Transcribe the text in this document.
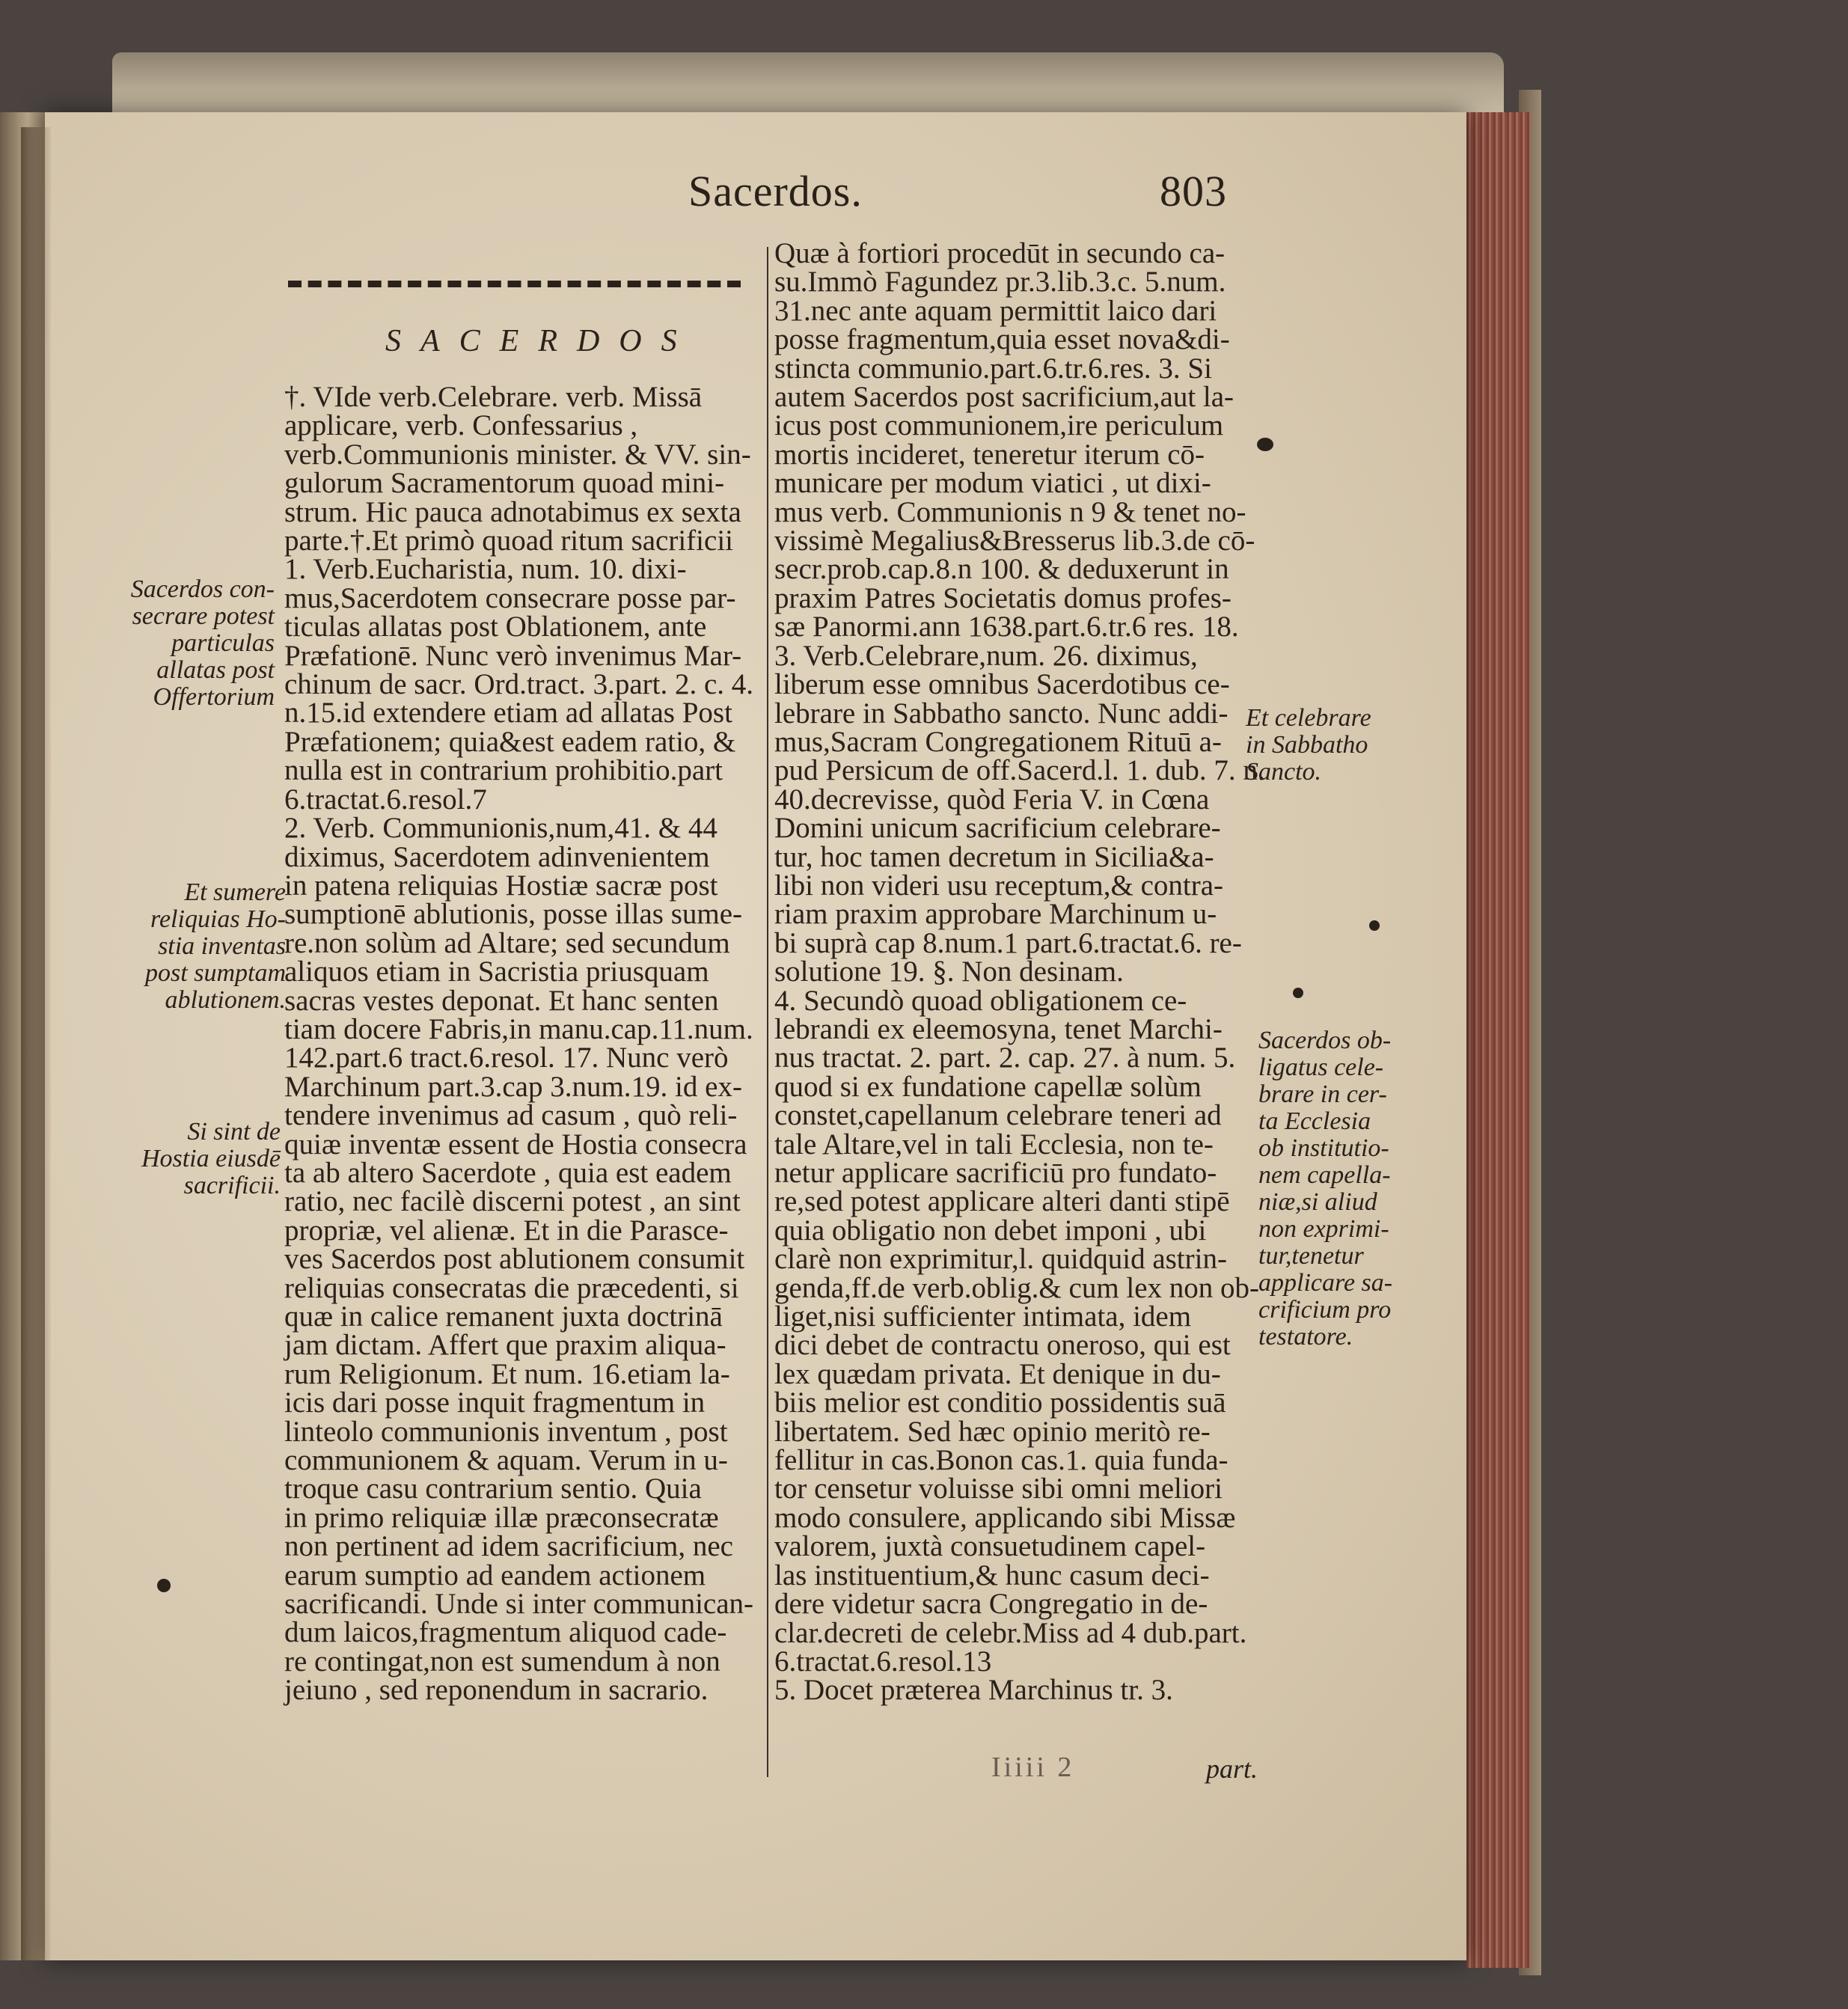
Sacerdos.	803
SACERDOS
†. VIde verb.Celebrare. verb. Missā
applicare, verb. Confessarius ,
verb.Communionis minister. & VV. sin-
gulorum Sacramentorum quoad mini-
strum. Hic pauca adnotabimus ex sexta
parte.†.Et primò quoad ritum sacrificii
1. Verb.Eucharistia, num. 10. dixi-
mus,Sacerdotem consecrare posse par-
ticulas allatas post Oblationem, ante
Præfationē. Nunc verò invenimus Mar-
chinum de sacr. Ord.tract. 3.part. 2. c. 4.
n.15.id extendere etiam ad allatas Post
Præfationem; quia&est eadem ratio, &
nulla est in contrarium prohibitio.part
6.tractat.6.resol.7
2. Verb. Communionis,num,41. & 44
diximus, Sacerdotem adinvenientem
in patena reliquias Hostiæ sacræ post
sumptionē ablutionis, posse illas sume-
re.non solùm ad Altare; sed secundum
aliquos etiam in Sacristia priusquam
sacras vestes deponat. Et hanc senten
tiam docere Fabris,in manu.cap.11.num.
142.part.6 tract.6.resol. 17. Nunc verò
Marchinum part.3.cap 3.num.19. id ex-
tendere invenimus ad casum , quò reli-
quiæ inventæ essent de Hostia consecra
ta ab altero Sacerdote , quia est eadem
ratio, nec facilè discerni potest , an sint
propriæ, vel alienæ. Et in die Parasce-
ves Sacerdos post ablutionem consumit
reliquias consecratas die præcedenti, si
quæ in calice remanent juxta doctrinā
jam dictam. Affert que praxim aliqua-
rum Religionum. Et num. 16.etiam la-
icis dari posse inquit fragmentum in
linteolo communionis inventum , post
communionem & aquam. Verum in u-
troque casu contrarium sentio. Quia
in primo reliquiæ illæ præconsecratæ
non pertinent ad idem sacrificium, nec
earum sumptio ad eandem actionem
sacrificandi. Unde si inter communican-
dum laicos,fragmentum aliquod cade-
re contingat,non est sumendum à non
jeiuno , sed reponendum in sacrario.
Quæ à fortiori procedūt in secundo ca-
su.Immò Fagundez pr.3.lib.3.c. 5.num.
31.nec ante aquam permittit laico dari
posse fragmentum,quia esset nova&di-
stincta communio.part.6.tr.6.res. 3. Si
autem Sacerdos post sacrificium,aut la-
icus post communionem,ire periculum
mortis incideret, teneretur iterum cō-
municare per modum viatici , ut dixi-
mus verb. Communionis n 9 & tenet no-
vissimè Megalius&Bresserus lib.3.de cō-
secr.prob.cap.8.n 100. & deduxerunt in
praxim Patres Societatis domus profes-
sæ Panormi.ann 1638.part.6.tr.6 res. 18.
3. Verb.Celebrare,num. 26. diximus,
liberum esse omnibus Sacerdotibus ce-
lebrare in Sabbatho sancto. Nunc addi-
mus,Sacram Congregationem Rituū a-
pud Persicum de off.Sacerd.l. 1. dub. 7. n.
40.decrevisse, quòd Feria V. in Cœna
Domini unicum sacrificium celebrare-
tur, hoc tamen decretum in Sicilia&a-
libi non videri usu receptum,& contra-
riam praxim approbare Marchinum u-
bi suprà cap 8.num.1 part.6.tractat.6. re-
solutione 19. §. Non desinam.
4. Secundò quoad obligationem ce-
lebrandi ex eleemosyna, tenet Marchi-
nus tractat. 2. part. 2. cap. 27. à num. 5.
quod si ex fundatione capellæ solùm
constet,capellanum celebrare teneri ad
tale Altare,vel in tali Ecclesia, non te-
netur applicare sacrificiū pro fundato-
re,sed potest applicare alteri danti stipē
quia obligatio non debet imponi , ubi
clarè non exprimitur,l. quidquid astrin-
genda,ff.de verb.oblig.& cum lex non ob-
liget,nisi sufficienter intimata, idem
dici debet de contractu oneroso, qui est
lex quædam privata. Et denique in du-
biis melior est conditio possidentis suā
libertatem. Sed hæc opinio meritò re-
fellitur in cas.Bonon cas.1. quia funda-
tor censetur voluisse sibi omni meliori
modo consulere, applicando sibi Missæ
valorem, juxtà consuetudinem capel-
las instituentium,& hunc casum deci-
dere videtur sacra Congregatio in de-
clar.decreti de celebr.Miss ad 4 dub.part.
6.tractat.6.resol.13
5. Docet præterea Marchinus tr. 3.
Sacerdos con-
secrare potest
particulas
allatas post
Offertorium
Et sumere
reliquias Ho-
stia inventas
post sumptam
ablutionem.
Si sint de
Hostia eiusdē
sacrificii.
Et celebrare
in Sabbatho
Sancto.
Sacerdos ob-
ligatus cele-
brare in cer-
ta Ecclesia
ob institutio-
nem capella-
niæ,si aliud
non exprimi-
tur,tenetur
applicare sa-
crificium pro
testatore.
Iiiii 2	part.
